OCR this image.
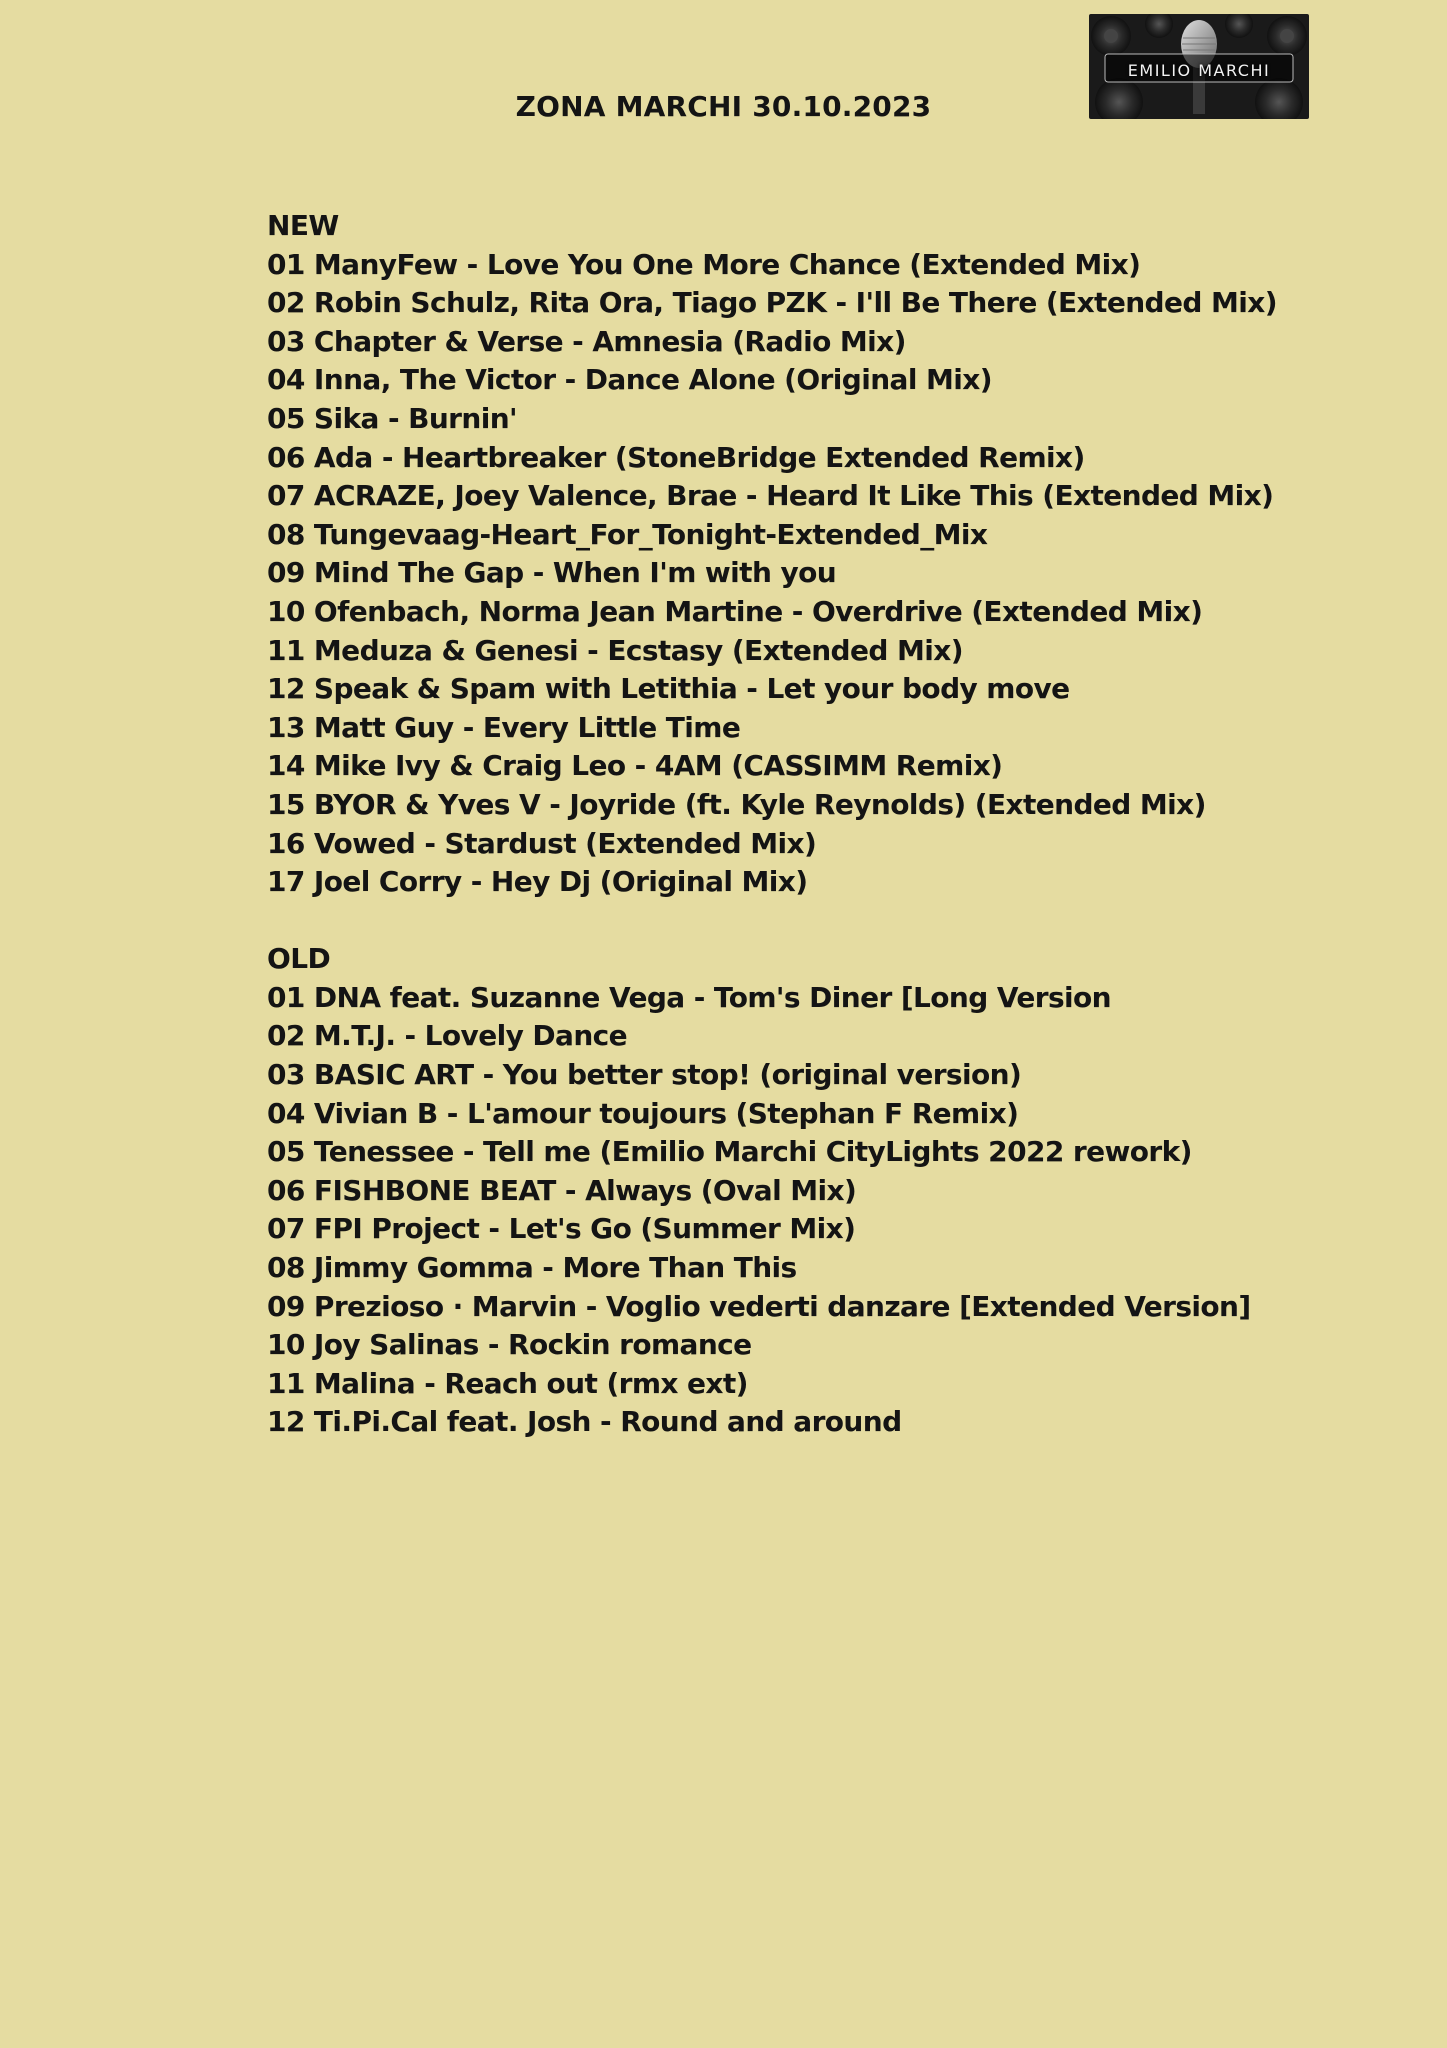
EMILIO MARCHI
ZONA MARCHI 30.10.2023
NEW
01 ManyFew - Love You One More Chance (Extended Mix)
02 Robin Schulz, Rita Ora, Tiago PZK - I'll Be There (Extended Mix)
03 Chapter & Verse - Amnesia (Radio Mix)
04 Inna, The Victor - Dance Alone (Original Mix)
05 Sika - Burnin'
06 Ada - Heartbreaker (StoneBridge Extended Remix)
07 ACRAZE, Joey Valence, Brae - Heard It Like This (Extended Mix)
08 Tungevaag-Heart_For_Tonight-Extended_Mix
09 Mind The Gap - When I'm with you
10 Ofenbach, Norma Jean Martine - Overdrive (Extended Mix)
11 Meduza & Genesi - Ecstasy (Extended Mix)
12 Speak & Spam with Letithia - Let your body move
13 Matt Guy - Every Little Time
14 Mike Ivy & Craig Leo - 4AM (CASSIMM Remix)
15 BYOR & Yves V - Joyride (ft. Kyle Reynolds) (Extended Mix)
16 Vowed - Stardust (Extended Mix)
17 Joel Corry - Hey Dj (Original Mix)
OLD
01 DNA feat. Suzanne Vega - Tom's Diner [Long Version
02 M.T.J. - Lovely Dance
03 BASIC ART - You better stop! (original version)
04 Vivian B - L'amour toujours (Stephan F Remix)
05 Tenessee - Tell me (Emilio Marchi CityLights 2022 rework)
06 FISHBONE BEAT - Always (Oval Mix)
07 FPI Project - Let's Go (Summer Mix)
08 Jimmy Gomma - More Than This
09 Prezioso · Marvin - Voglio vederti danzare [Extended Version]
10 Joy Salinas - Rockin romance
11 Malina - Reach out (rmx ext)
12 Ti.Pi.Cal feat. Josh - Round and around
